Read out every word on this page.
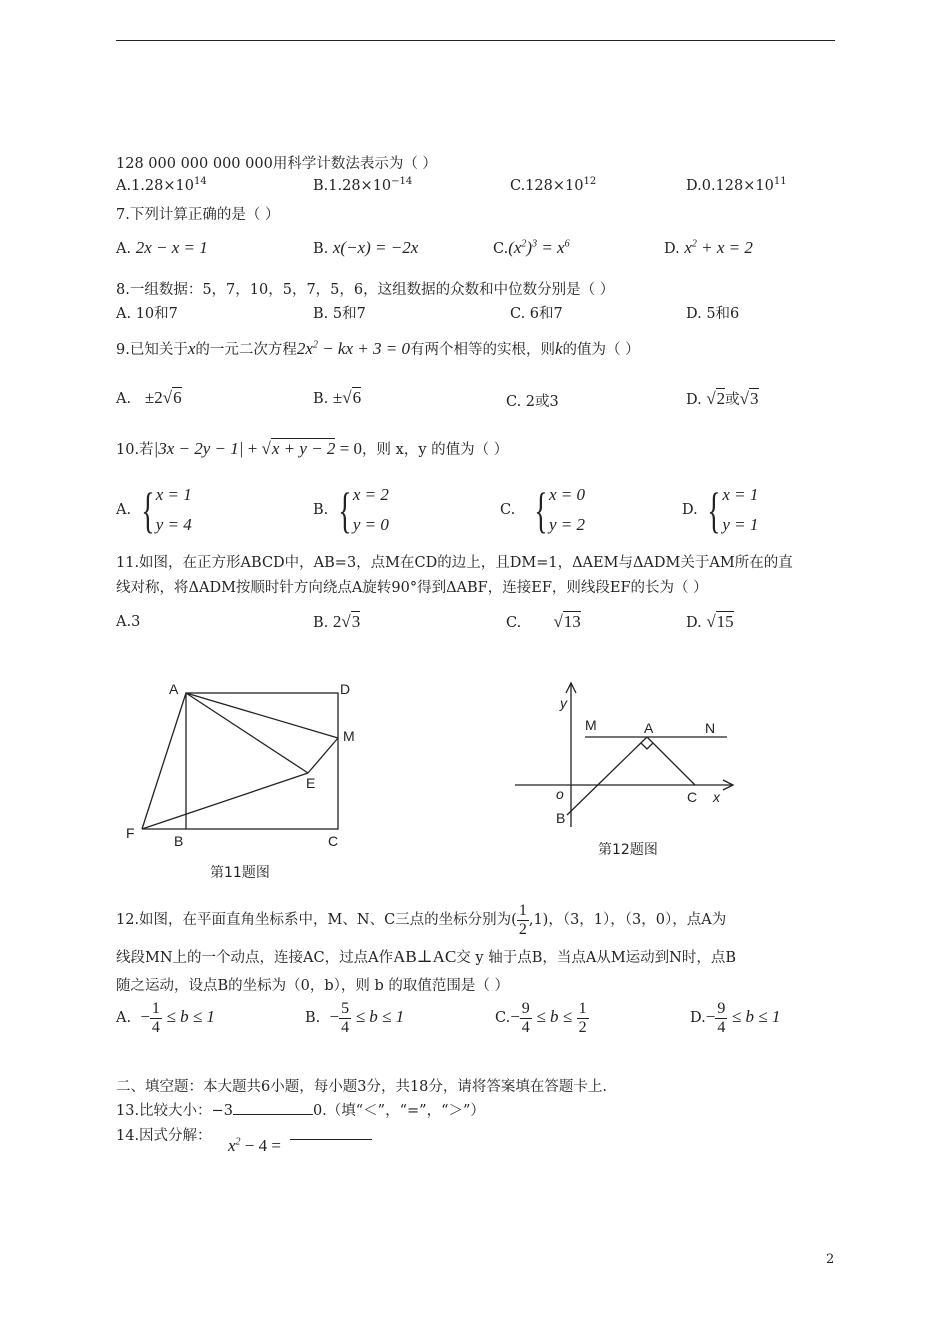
128 000 000 000 000用科学计数法表示为（ ）
$A.1.28\times 10^{14}$	$B.1.28\times 10^{-14}$	$C.128\times 10^{12}$	$D.0.128\times 10^{11}$
7.下列计算正确的是（ ）
A. 2x − x = 1	B. x(−x) = −2x	$C.(x^2)^3 = x^6$	D. $x^2 + x = 2$
8.一组数据：5，7，10，5，7，5，6，这组数据的众数和中位数分别是（ ）
A. 10和7	B. 5和7	C. 6和7	D. 5和6
9.已知关于x的一元二次方程$2x^2$ − kx + 3 = 0有两个相等的实根，则k的值为（ ）
A. ±2√6	B. ±√6	C. 2或3	D. √2或√3
10.若|3x − 2y − 1| + √x + y − 2 = 0，则 x，y 的值为（ ）
A. {x = 1
y = 4
B. {x = 2
y = 0
C. {x = 0
y = 2
D. {x = 1
y = 1
11.如图，在正方形ABCD中，AB=3，点M在CD的边上，且DM=1，ΔAEM与ΔADM关于AM所在的直
线对称，将ΔADM按顺时针方向绕点A旋转90°得到ΔABF，连接EF，则线段EF的长为（ ）
A.3	B. 2√3	C. √13	D. √15
A	D
M
E
F	B	C
第11题图
y
M	A	N
o	C x
B
第12题图
12.如图，在平面直角坐标系中，M、N、C三点的坐标分别为( $\frac{1}{2} ,1$)，（3，1），（3，0），点A为
线段MN上的一个动点，连接AC，过点A作AB⊥AC交 y 轴于点B，当点A从M运动到N时，点B
随之运动，设点B的坐标为（0，b），则 b 的取值范围是（ ）
A. − $\frac{1}{4} \le b \le 1$	B. − $\frac{5}{4} \le b \le 1$	$C.- \frac{9}{4} \le b \le \frac{1}{2}$	$D.- \frac{9}{4} \le b \le 1$
二、填空题：本大题共6小题，每小题3分，共18分，请将答案填在答题卡上.
13.比较大小：−3	0.（填“＜”，“=”，“＞”）
14.因式分解： $x^2 - 4$ =
2
